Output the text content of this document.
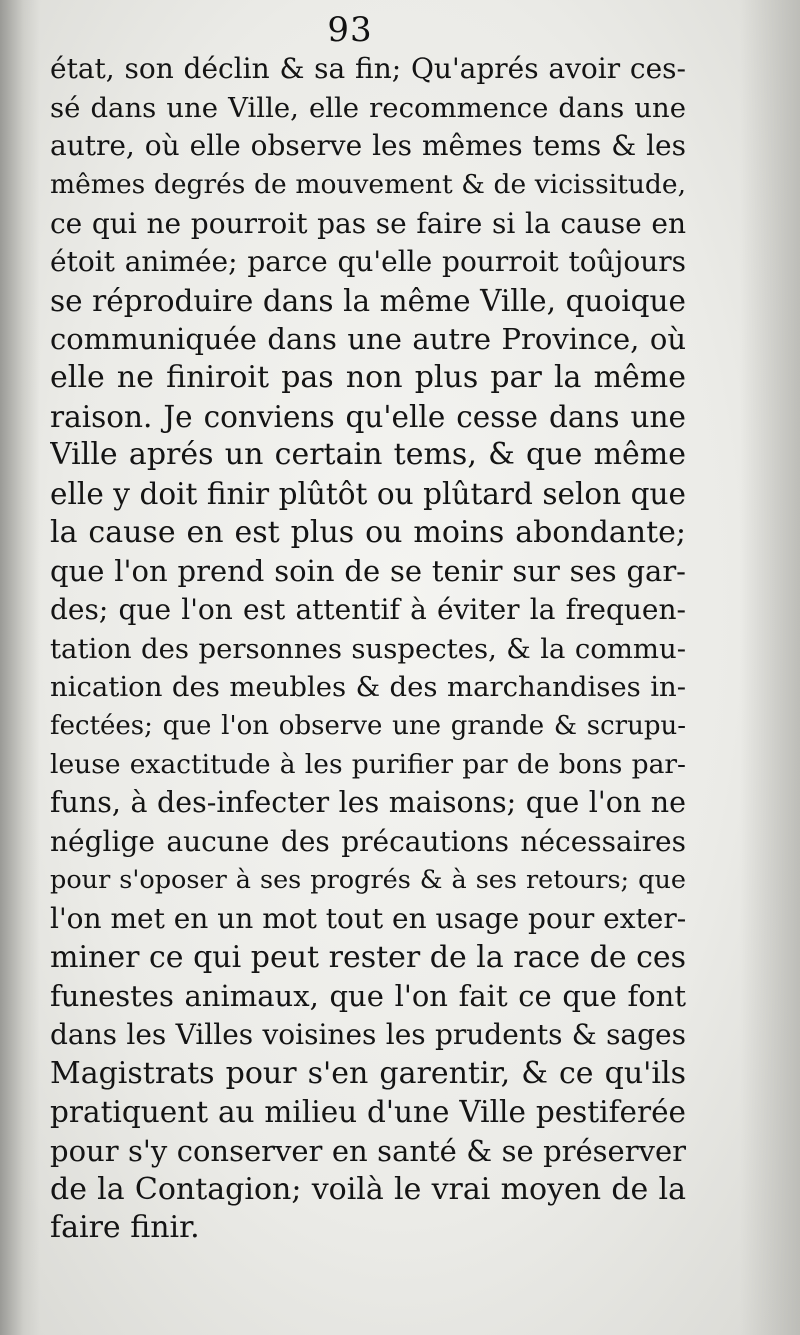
93
état, son déclin & sa fin; Qu'aprés avoir ces-
sé dans une Ville, elle recommence dans une
autre, où elle observe les mêmes tems & les
mêmes degrés de mouvement & de vicissitude,
ce qui ne pourroit pas se faire si la cause en
étoit animée; parce qu'elle pourroit toûjours
se réproduire dans la même Ville, quoique
communiquée dans une autre Province, où
elle ne finiroit pas non plus par la même
raison. Je conviens qu'elle cesse dans une
Ville aprés un certain tems, & que même
elle y doit finir plûtôt ou plûtard selon que
la cause en est plus ou moins abondante;
que l'on prend soin de se tenir sur ses gar-
des; que l'on est attentif à éviter la frequen-
tation des personnes suspectes, & la commu-
nication des meubles & des marchandises in-
fectées; que l'on observe une grande & scrupu-
leuse exactitude à les purifier par de bons par-
funs, à des-infecter les maisons; que l'on ne
néglige aucune des précautions nécessaires
pour s'oposer à ses progrés & à ses retours; que
l'on met en un mot tout en usage pour exter-
miner ce qui peut rester de la race de ces
funestes animaux, que l'on fait ce que font
dans les Villes voisines les prudents & sages
Magistrats pour s'en garentir, & ce qu'ils
pratiquent au milieu d'une Ville pestiferée
pour s'y conserver en santé & se préserver
de la Contagion; voilà le vrai moyen de la
faire finir.
